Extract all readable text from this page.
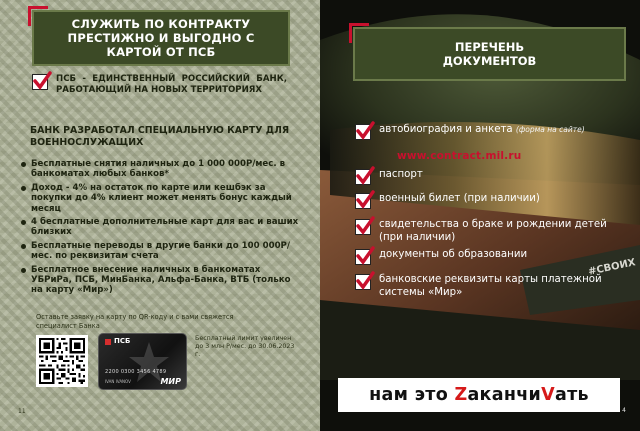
СЛУЖИТЬ ПО КОНТРАКТУ ПРЕСТИЖНО И ВЫГОДНО С КАРТОЙ ОТ ПСБ
ПСБ - ЕДИНСТВЕННЫЙ РОССИЙСКИЙ БАНК, РАБОТАЮЩИЙ НА НОВЫХ ТЕРРИТОРИЯХ
БАНК РАЗРАБОТАЛ СПЕЦИАЛЬНУЮ КАРТУ ДЛЯ ВОЕННОСЛУЖАЩИХ
Бесплатные снятия наличных до 1 000 000Р/мес. в банкоматах любых банков*
Доход - 4% на остаток по карте или кешбэк за покупки до 4% клиент может менять бонус каждый месяц
4 бесплатные дополнительные карт для вас и ваших близких
Бесплатные переводы в другие банки до 100 000Р/мес. по реквизитам счета
Бесплатное внесение наличных в банкоматах УБРиРа, ПСБ, МинБанка, Альфа-Банка, ВТБ (только на карту «Мир»)
Оставьте заявку на карту по QR-коду и с вами свяжется специалист Банка
ПСБ
2200 0300 3456 4789
IVAN IVANOV	МИР
Бесплатный лимит увеличен до 3 млн Р/мес. до 30.06.2023 г.
11
ПЕРЕЧЕНЬ ДОКУМЕНТОВ
автобиография и анкета (форма на сайте)
паспорт
военный билет (при наличии)
свидетельства о браке и рождении детей (при наличии)
документы об образовании
банковские реквизиты карты платежной системы «Мир»
www.contract.mil.ru
#СВОИХ
нам это Z аканчи V ать
4
